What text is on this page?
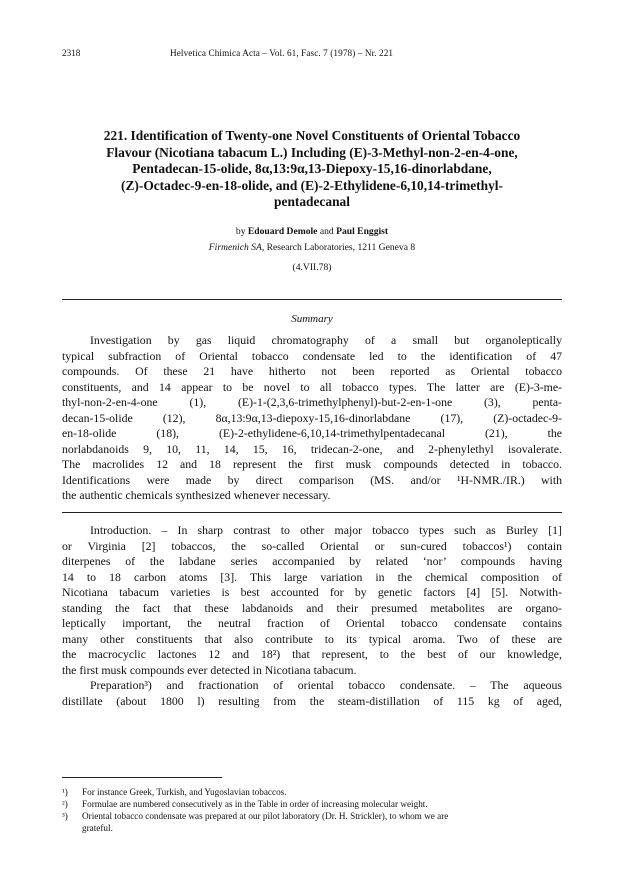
2318	Helvetica Chimica Acta – Vol. 61, Fasc. 7 (1978) – Nr. 221
221. Identification of Twenty-one Novel Constituents of Oriental Tobacco
Flavour (Nicotiana tabacum L.) Including (E)-3-Methyl-non-2-en-4-one,
Pentadecan-15-olide, 8α,13:9α,13-Diepoxy-15,16-dinorlabdane,
(Z)-Octadec-9-en-18-olide, and (E)-2-Ethylidene-6,10,14-trimethyl-
pentadecanal
by Edouard Demole and Paul Enggist
Firmenich SA, Research Laboratories, 1211 Geneva 8
(4.VII.78)
Summary
Investigation by gas liquid chromatography of a small but organoleptically
typical subfraction of Oriental tobacco condensate led to the identification of 47
compounds. Of these 21 have hitherto not been reported as Oriental tobacco
constituents, and 14 appear to be novel to all tobacco types. The latter are (E)-3-me-
thyl-non-2-en-4-one (1), (E)-1-(2,3,6-trimethylphenyl)-but-2-en-1-one (3), penta-
decan-15-olide (12), 8α,13:9α,13-diepoxy-15,16-dinorlabdane (17), (Z)-octadec-9-
en-18-olide (18), (E)-2-ethylidene-6,10,14-trimethylpentadecanal (21), the
norlabdanoids 9, 10, 11, 14, 15, 16, tridecan-2-one, and 2-phenylethyl isovalerate.
The macrolides 12 and 18 represent the first musk compounds detected in tobacco.
Identifications were made by direct comparison (MS. and/or ¹H-NMR./IR.) with
the authentic chemicals synthesized whenever necessary.
Introduction. – In sharp contrast to other major tobacco types such as Burley [1]
or Virginia [2] tobaccos, the so-called Oriental or sun-cured tobaccos¹) contain
diterpenes of the labdane series accompanied by related ‘nor’ compounds having
14 to 18 carbon atoms [3]. This large variation in the chemical composition of
Nicotiana tabacum varieties is best accounted for by genetic factors [4] [5]. Notwith-
standing the fact that these labdanoids and their presumed metabolites are organo-
leptically important, the neutral fraction of Oriental tobacco condensate contains
many other constituents that also contribute to its typical aroma. Two of these are
the macrocyclic lactones 12 and 18²) that represent, to the best of our knowledge,
the first musk compounds ever detected in Nicotiana tabacum.
Preparation³) and fractionation of oriental tobacco condensate. – The aqueous
distillate (about 1800 l) resulting from the steam-distillation of 115 kg of aged,
¹) For instance Greek, Turkish, and Yugoslavian tobaccos.
²) Formulae are numbered consecutively as in the Table in order of increasing molecular weight.
³) Oriental tobacco condensate was prepared at our pilot laboratory (Dr. H. Strickler), to whom we are
grateful.
